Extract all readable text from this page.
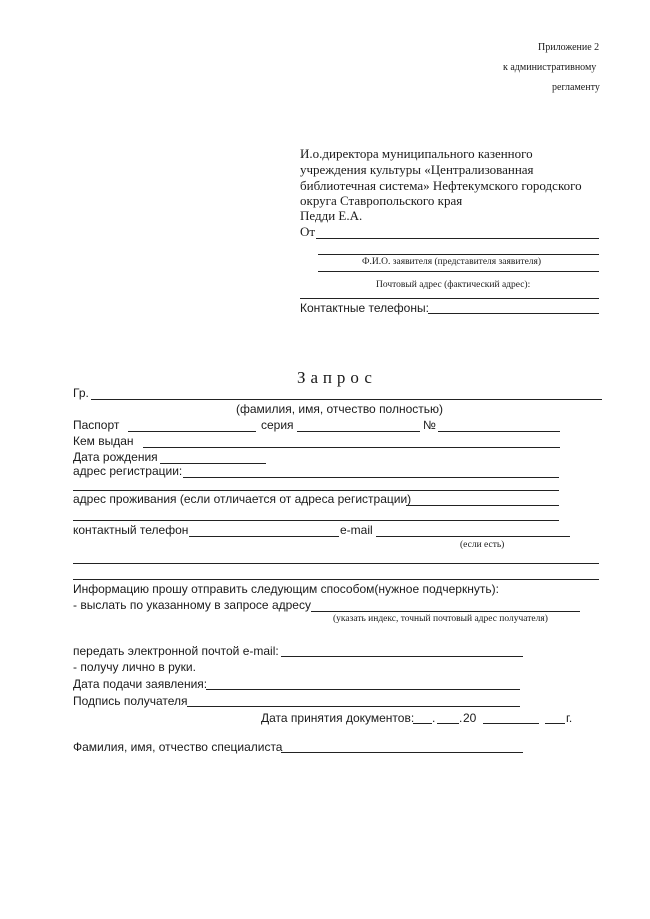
Приложение 2
к административному
регламенту
И.о.директора муниципального казенного
учреждения культуры «Централизованная
библиотечная система» Нефтекумского городского
округа Ставропольского края
Педди Е.А.
От
Ф.И.О. заявителя (представителя заявителя)
Почтовый адрес (фактический адрес):
Контактные телефоны:
Запрос
Гр.
(фамилия, имя, отчество полностью)
Паспорт	серия	№
Кем выдан
Дата рождения
адрес регистрации:
адрес проживания (если отличается от адреса регистрации)
контактный телефон	e-mail
(если есть)
Информацию прошу отправить следующим способом(нужное подчеркнуть):
- выслать по указанному в запросе адресу
(указать индекс, точный почтовый адрес получателя)
передать электронной почтой e-mail:
- получу лично в руки.
Дата подачи заявления:
Подпись получателя
Дата принятия документов: . . 20	г.
Фамилия, имя, отчество специалиста
